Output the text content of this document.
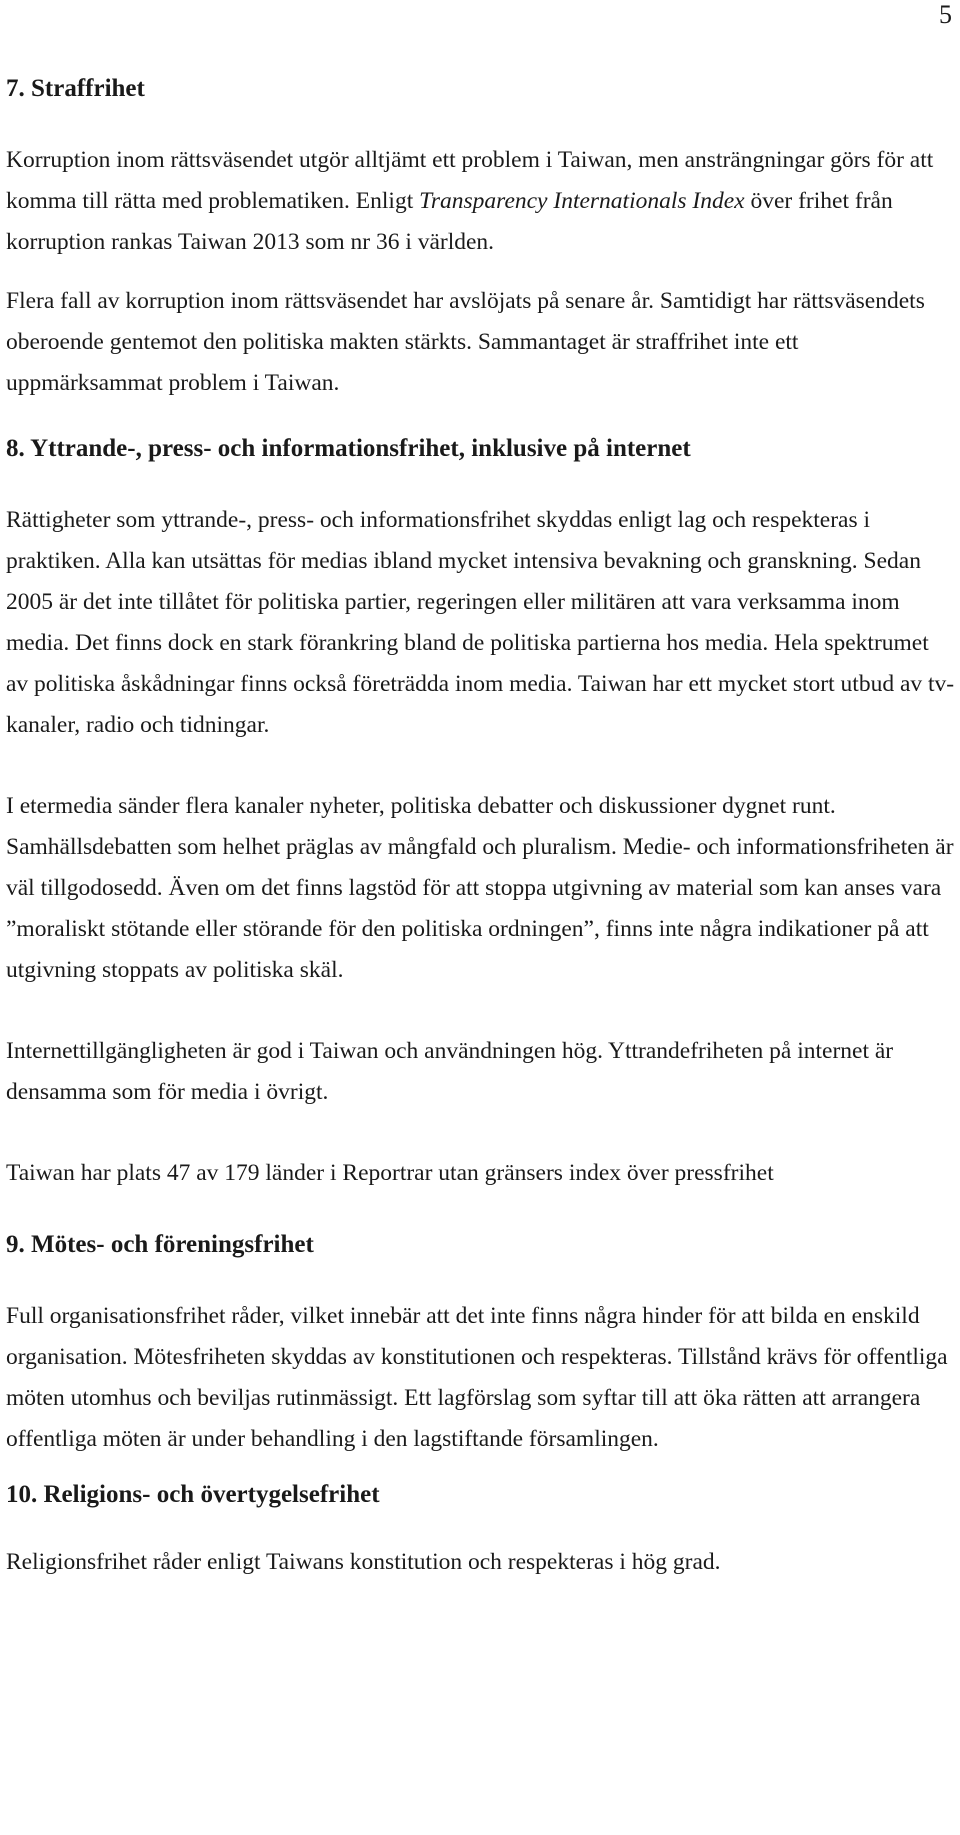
5
7. Straffrihet

Korruption inom rättsväsendet utgör alltjämt ett problem i Taiwan, men ansträngningar görs för att komma till rätta med problematiken. Enligt Transparency Internationals Index över frihet från korruption rankas Taiwan 2013 som nr 36 i världen.

Flera fall av korruption inom rättsväsendet har avslöjats på senare år. Samtidigt har rättsväsendets oberoende gentemot den politiska makten stärkts. Sammantaget är straffrihet inte ett uppmärksammat problem i Taiwan.

8. Yttrande-, press- och informationsfrihet, inklusive på internet

Rättigheter som yttrande-, press- och informationsfrihet skyddas enligt lag och respekteras i praktiken. Alla kan utsättas för medias ibland mycket intensiva bevakning och granskning. Sedan 2005 är det inte tillåtet för politiska partier, regeringen eller militären att vara verksamma inom media. Det finns dock en stark förankring bland de politiska partierna hos media. Hela spektrumet av politiska åskådningar finns också företrädda inom media. Taiwan har ett mycket stort utbud av tv-kanaler, radio och tidningar.

I etermedia sänder flera kanaler nyheter, politiska debatter och diskussioner dygnet runt. Samhällsdebatten som helhet präglas av mångfald och pluralism. Medie- och informationsfriheten är väl tillgodosedd. Även om det finns lagstöd för att stoppa utgivning av material som kan anses vara ”moraliskt stötande eller störande för den politiska ordningen”, finns inte några indikationer på att utgivning stoppats av politiska skäl.

Internettillgängligheten är god i Taiwan och användningen hög. Yttrandefriheten på internet är densamma som för media i övrigt.

Taiwan har plats 47 av 179 länder i Reportrar utan gränsers index över pressfrihet

9. Mötes- och föreningsfrihet

Full organisationsfrihet råder, vilket innebär att det inte finns några hinder för att bilda en enskild organisation. Mötesfriheten skyddas av konstitutionen och respekteras. Tillstånd krävs för offentliga möten utomhus och beviljas rutinmässigt. Ett lagförslag som syftar till att öka rätten att arrangera offentliga möten är under behandling i den lagstiftande församlingen.

10. Religions- och övertygelsefrihet

Religionsfrihet råder enligt Taiwans konstitution och respekteras i hög grad.
